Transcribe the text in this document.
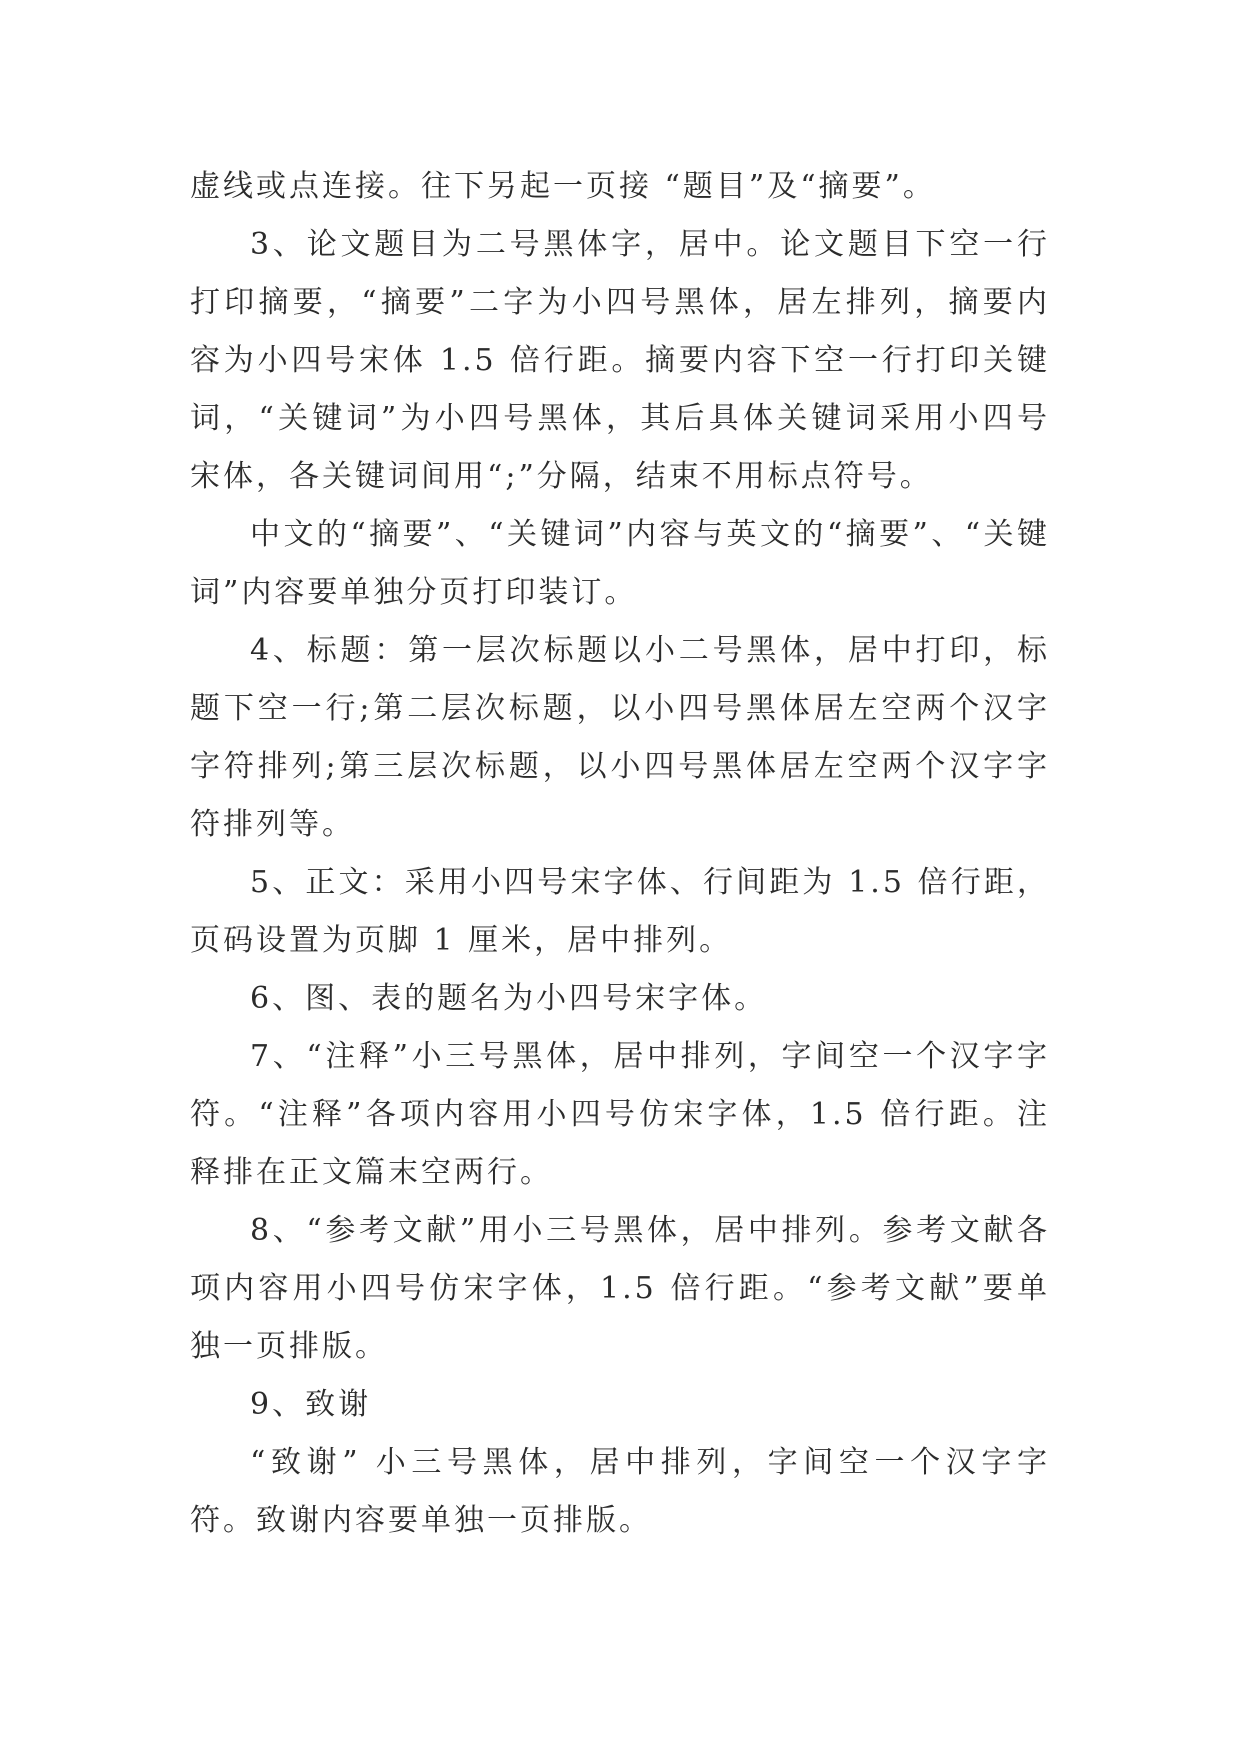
虚线或点连接。往下另起一页接 “题目”及“摘要”。

3、论文题目为二号黑体字，居中。论文题目下空一行打印摘要，“摘要”二字为小四号黑体，居左排列，摘要内容为小四号宋体 1.5 倍行距。摘要内容下空一行打印关键词，“关键词”为小四号黑体，其后具体关键词采用小四号宋体，各关键词间用“;”分隔，结束不用标点符号。

中文的“摘要”、“关键词”内容与英文的“摘要”、“关键词”内容要单独分页打印装订。

4、标题：第一层次标题以小二号黑体，居中打印，标题下空一行;第二层次标题，以小四号黑体居左空两个汉字字符排列;第三层次标题，以小四号黑体居左空两个汉字字符排列等。

5、正文：采用小四号宋字体、行间距为 1.5 倍行距，页码设置为页脚 1 厘米，居中排列。

6、图、表的题名为小四号宋字体。

7、“注释”小三号黑体，居中排列，字间空一个汉字字符。“注释”各项内容用小四号仿宋字体，1.5 倍行距。注释排在正文篇末空两行。

8、“参考文献”用小三号黑体，居中排列。参考文献各项内容用小四号仿宋字体，1.5 倍行距。“参考文献”要单独一页排版。

9、致谢

“致谢” 小三号黑体，居中排列，字间空一个汉字字符。致谢内容要单独一页排版。
